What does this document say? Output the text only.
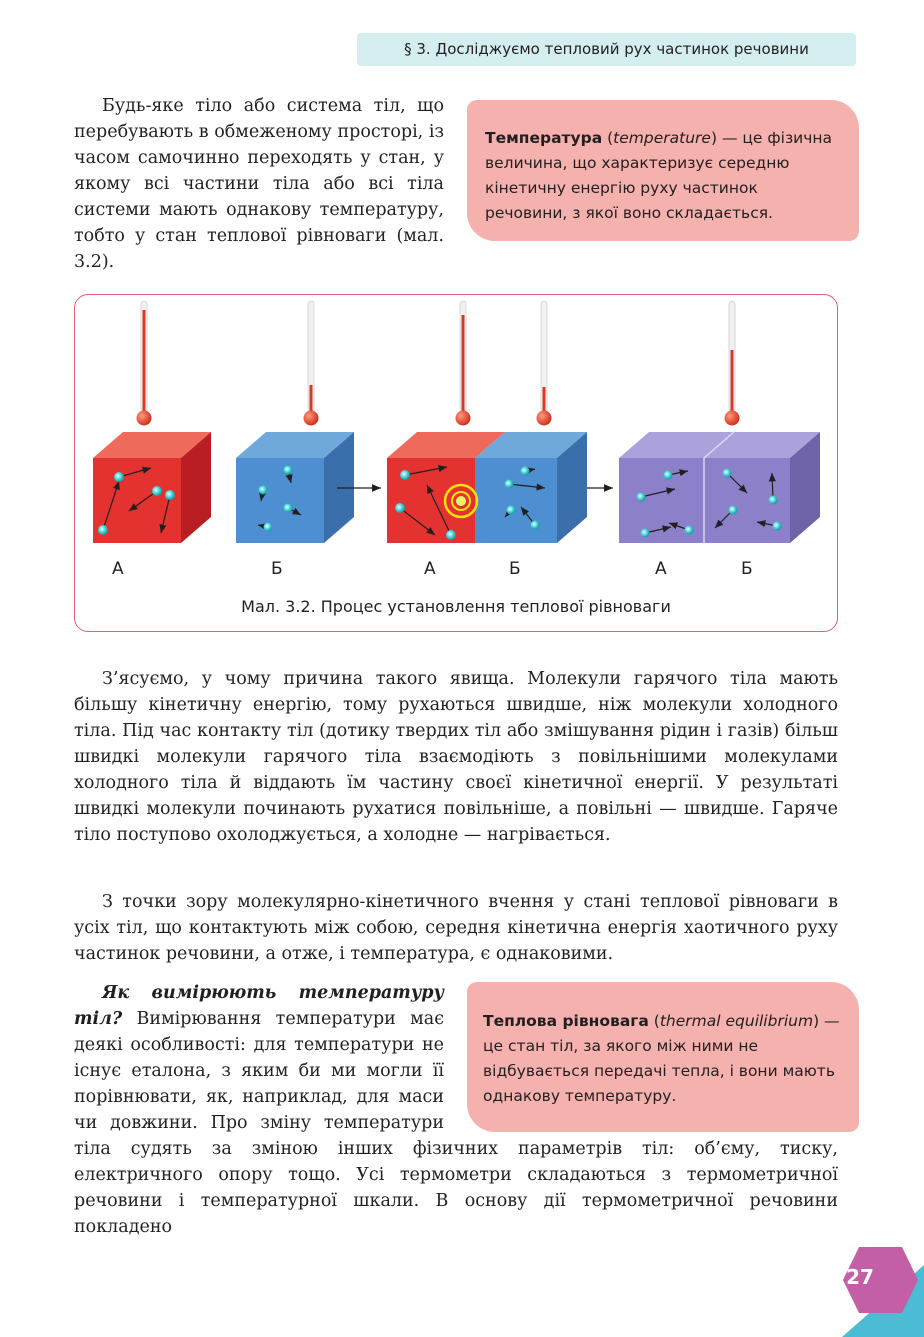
§ 3. Досліджуємо тепловий рух частинок речовини

Будь-яке тіло або система тіл, що перебувають в обмеженому просторі, із часом самочинно переходять у стан, у якому всі частини тіла або всі тіла системи мають однакову температуру, тобто у стан теплової рівноваги (мал. 3.2).

Температура (temperature) — це фізична величина, що характеризує середню кінетичну енергію руху частинок речовини, з якої воно складається.
А	Б	А	Б	А	Б
Мал. 3.2. Процес установлення теплової рівноваги

З’ясуємо, у чому причина такого явища. Молекули гарячого тіла мають більшу кінетичну енергію, тому рухаються швидше, ніж молекули холодного тіла. Під час контакту тіл (дотику твердих тіл або змішування рідин і газів) більш швидкі молекули гарячого тіла взаємодіють з повільнішими молекулами холодного тіла й віддають їм частину своєї кінетичної енергії. У результаті швидкі молекули починають рухатися повільніше, а повільні — швидше. Гаряче тіло поступово охолоджується, а холодне — нагрівається.

З точки зору молекулярно-кінетичного вчення у стані теплової рівноваги в усіх тіл, що контактують між собою, середня кінетична енергія хаотичного руху частинок речовини, а отже, і температура, є однаковими.

Теплова рівновага (thermal equilibrium) — це стан тіл, за якого між ними не відбувається передачі тепла, і вони мають однакову температуру.
Як вимірюють температуру тіл? Вимірювання температури має деякі особливості: для температури не існує еталона, з яким би ми могли її порівнювати, як, наприклад, для маси чи довжини. Про зміну температури тіла судять за зміною інших фізичних параметрів тіл: об’єму, тиску, електричного опору тощо. Усі термометри складаються з термометричної речовини і температурної шкали. В основу дії термометричної речовини покладено
27
